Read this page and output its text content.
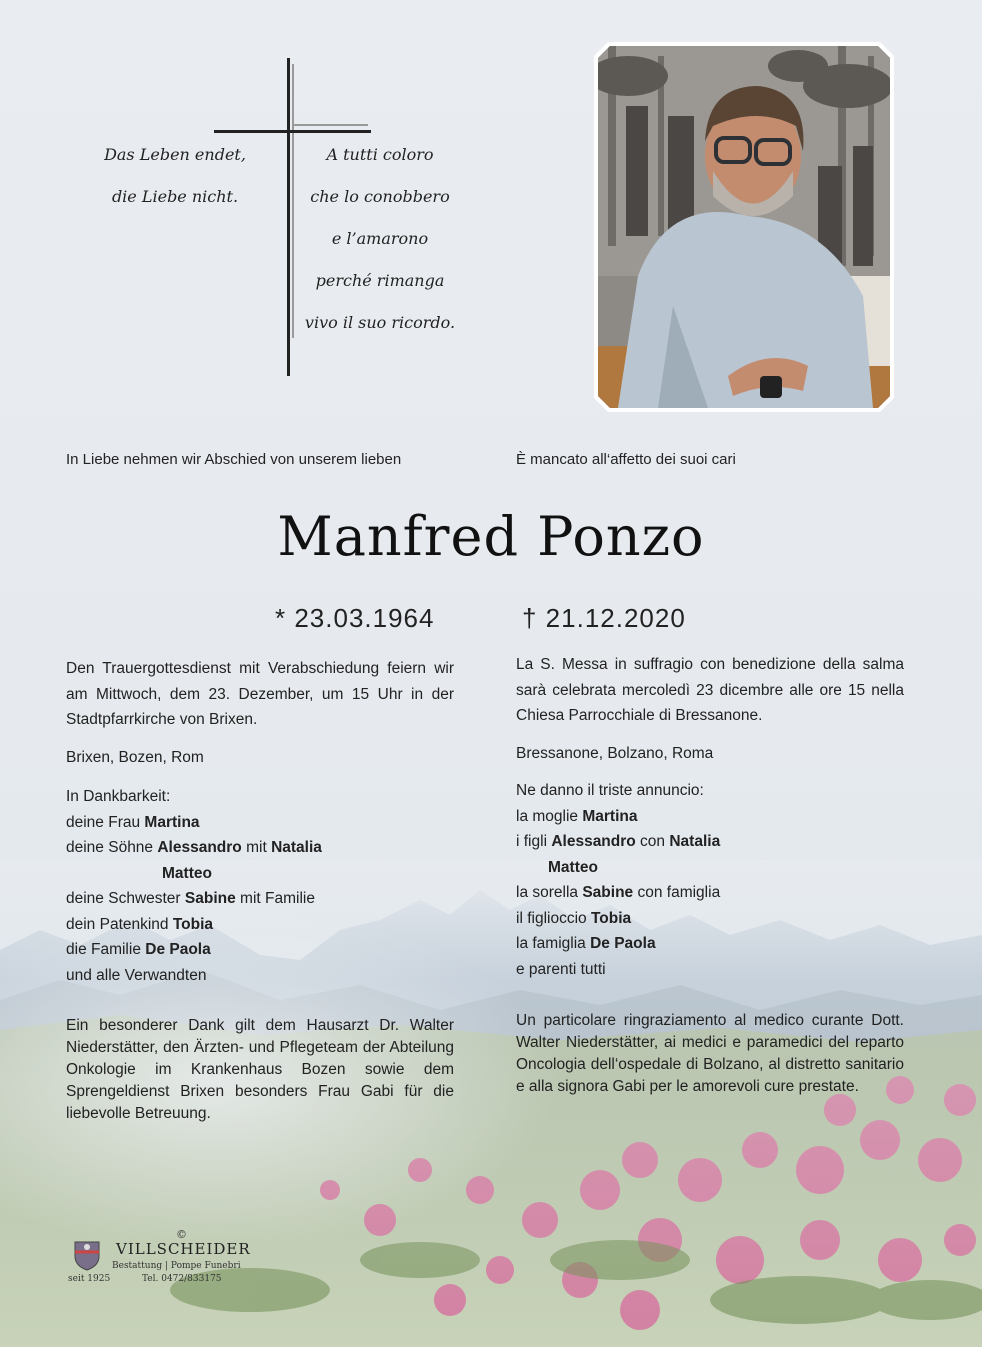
Das Leben endet,
die Liebe nicht.
A tutti coloro
che lo conobbero
e l’amarono
perché rimanga
vivo il suo ricordo.
In Liebe nehmen wir Abschied von unserem lieben	È mancato all‘affetto dei suoi cari
Manfred Ponzo
* 23.03.1964	† 21.12.2020

Den Trauergottesdienst mit Verabschiedung feiern wir am Mittwoch, dem 23. Dezember, um 15 Uhr in der Stadtpfarrkirche von Brixen.

Brixen, Bozen, Rom

In Dankbarkeit:

deine Frau Martina
deine Söhne Alessandro mit Natalia
Matteo
deine Schwester Sabine mit Familie
dein Patenkind Tobia
die Familie De Paola
und alle Verwandten

Ein besonderer Dank gilt dem Hausarzt Dr. Walter Niederstätter, den Ärzten- und Pflegeteam der Abteilung Onkologie im Krankenhaus Bozen sowie dem Sprengeldienst Brixen besonders Frau Gabi für die liebevolle Betreuung.

La S. Messa in suffragio con benedizione della salma sarà celebrata mercoledì 23 dicembre alle ore 15 nella Chiesa Parrocchiale di Bressanone.

Bressanone, Bolzano, Roma

Ne danno il triste annuncio:

la moglie Martina
i figli Alessandro con Natalia
Matteo
la sorella Sabine con famiglia
il figlioccio Tobia
la famiglia De Paola
e parenti tutti

Un particolare ringraziamento al medico curante Dott. Walter Niederstätter, ai medici e paramedici del reparto Oncologia dell‘ospedale di Bolzano, al distretto sanitario e alla signora Gabi per le amorevoli cure prestate.

©
VILLSCHEIDER
Bestattung | Pompe Funebri
seit 1925	Tel. 0472/833175
